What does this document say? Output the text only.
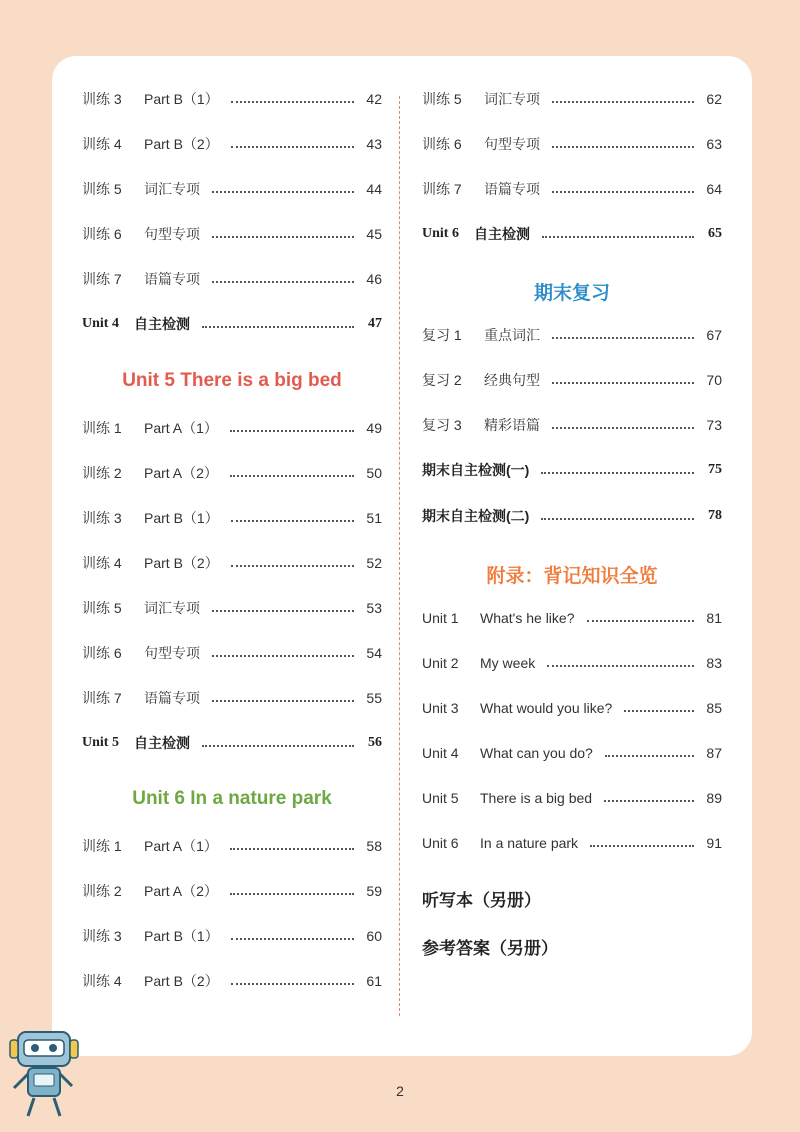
训练 3	Part B（1）	42
训练 4	Part B（2）	43
训练 5	词汇专项	44
训练 6	句型专项	45
训练 7	语篇专项	46
Unit 4	自主检测	47
Unit 5 There is a big bed
训练 1	Part A（1）	49
训练 2	Part A（2）	50
训练 3	Part B（1）	51
训练 4	Part B（2）	52
训练 5	词汇专项	53
训练 6	句型专项	54
训练 7	语篇专项	55
Unit 5	自主检测	56
Unit 6 In a nature park
训练 1	Part A（1）	58
训练 2	Part A（2）	59
训练 3	Part B（1）	60
训练 4	Part B（2）	61
训练 5	词汇专项	62
训练 6	句型专项	63
训练 7	语篇专项	64
Unit 6	自主检测	65
期末复习
复习 1	重点词汇	67
复习 2	经典句型	70
复习 3	精彩语篇	73
期末自主检测(一)	75
期末自主检测(二)	78
附录：背记知识全览
Unit 1	What's he like?	81
Unit 2	My week	83
Unit 3	What would you like?	85
Unit 4	What can you do?	87
Unit 5	There is a big bed	89
Unit 6	In a nature park	91
听写本（另册）
参考答案（另册）
2
